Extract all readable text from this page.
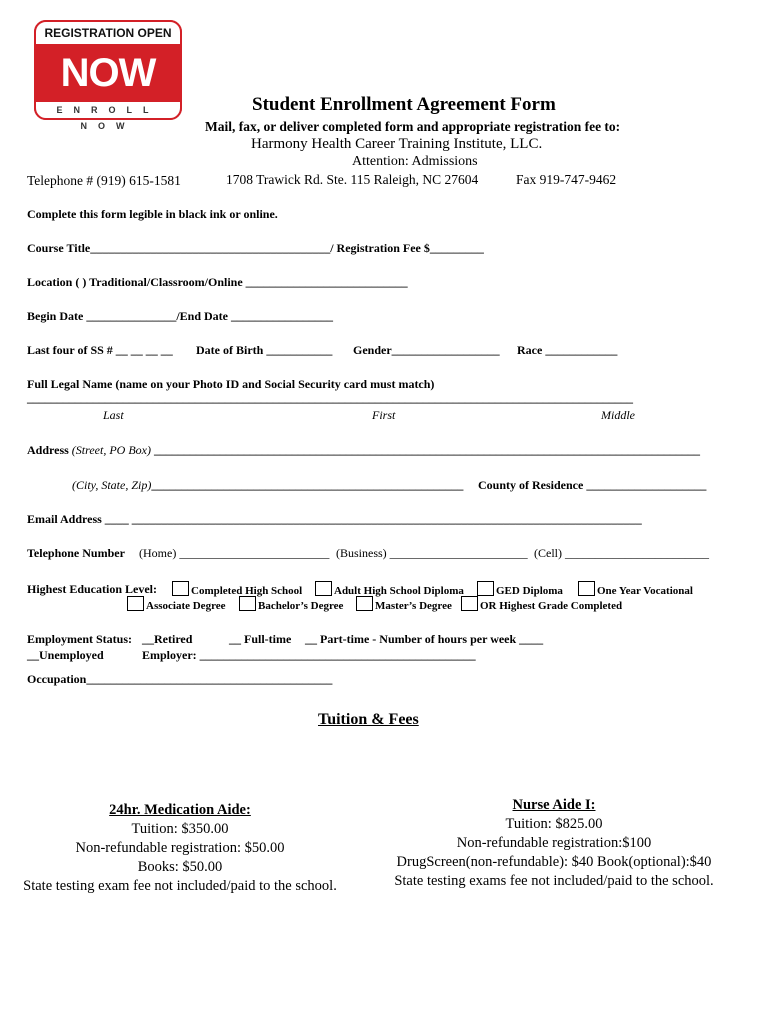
REGISTRATION OPEN
NOW
ENROLL NOW
Student Enrollment Agreement Form
Mail, fax, or deliver completed form and appropriate registration fee to:
Harmony Health Career Training Institute, LLC.
Attention: Admissions
Telephone # (919) 615-1581	1708 Trawick Rd. Ste. 115 Raleigh, NC 27604	Fax 919-747-9462
Complete this form legible in black ink or online.
Course Title________________________________________/ Registration Fee $_________
Location ( ) Traditional/Classroom/Online ___________________________
Begin Date _______________/End Date _________________
Last four of SS # __ __ __ __ Date of Birth ___________ Gender__________________ Race ____________
Full Legal Name (name on your Photo ID and Social Security card must match)
_____________________________________________________________________________________________________
Last	First	Middle
Address (Street, PO Box) ___________________________________________________________________________________________
(City, State, Zip)____________________________________________________	County of Residence ____________________
Email Address ____ _____________________________________________________________________________________
Telephone Number	(Home) _________________________ (Business) _______________________ (Cell) ________________________
Highest Education Level:	Completed High School	Adult High School Diploma	GED Diploma	One Year Vocational
Associate Degree	Bachelor’s Degree	Master’s Degree	OR Highest Grade Completed
Employment Status: __Retired	__ Full-time __ Part-time - Number of hours per week ____
__Unemployed	Employer: ______________________________________________
Occupation_________________________________________
Tuition & Fees
24hr. Medication Aide:
Tuition: $350.00
Non-refundable registration: $50.00
Books: $50.00
State testing exam fee not included/paid to the school.
Nurse Aide I:
Tuition: $825.00
Non-refundable registration:$100
DrugScreen(non-refundable): $40 Book(optional):$40
State testing exams fee not included/paid to the school.
